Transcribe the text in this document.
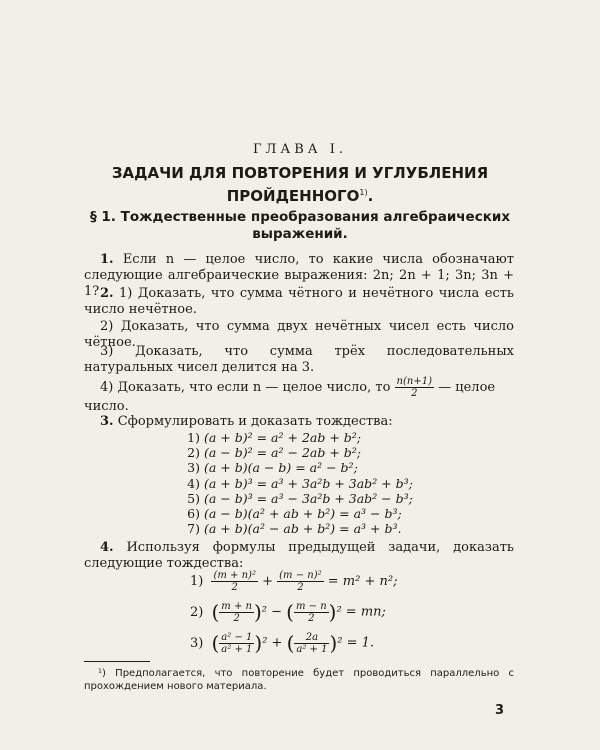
ГЛАВА I.
ЗАДАЧИ ДЛЯ ПОВТОРЕНИЯ И УГЛУБЛЕНИЯ
ПРОЙДЕННОГО$^{1)}$.
§ 1. Тождественные преобразования алгебраических
выражений.
1. Если n — целое число, то какие числа обозначают следующие алгебраические выражения: 2n; 2n + 1; 3n; 3n + 1? 2. 1) Доказать, что сумма чётного и нечётного числа есть число нечётное.
2) Доказать, что сумма двух нечётных чисел есть число чётное.
3) Доказать, что сумма трёх последовательных натуральных чисел делится на 3.
4) Доказать, что если n — целое число, то $\frac{n(n+1)}{2}$ — целое
число.
3. Сформулировать и доказать тождества:
1) (a + b)² = a² + 2ab + b²;
2) (a − b)² = a² − 2ab + b²;
3) (a + b)(a − b) = a² − b²;
4) (a + b)³ = a³ + 3a²b + 3ab² + b³;
5) (a − b)³ = a³ − 3a²b + 3ab² − b³;
6) (a − b)(a² + ab + b²) = a³ − b³;
7) (a + b)(a² − ab + b²) = a³ + b³.
4. Используя формулы предыдущей задачи, доказать следующие тождества:
$1) \frac{\text{(m + n)²}}{2} + \frac{\text{(m − n)²}}{2} = m^2 + n^2$;
2) ( $\frac{m + n}{2} )^2$ − ( $\frac{m - n}{2} )^2$ = mn;
3) ( $\frac{\text{a² − 1}}{\text{a² + 1}} )^2$ + ( $\frac{2a}{\text{a² + 1}} )^2 = 1$.
¹) Предполагается, что повторение будет проводиться параллельно с прохождением нового материала.
3
